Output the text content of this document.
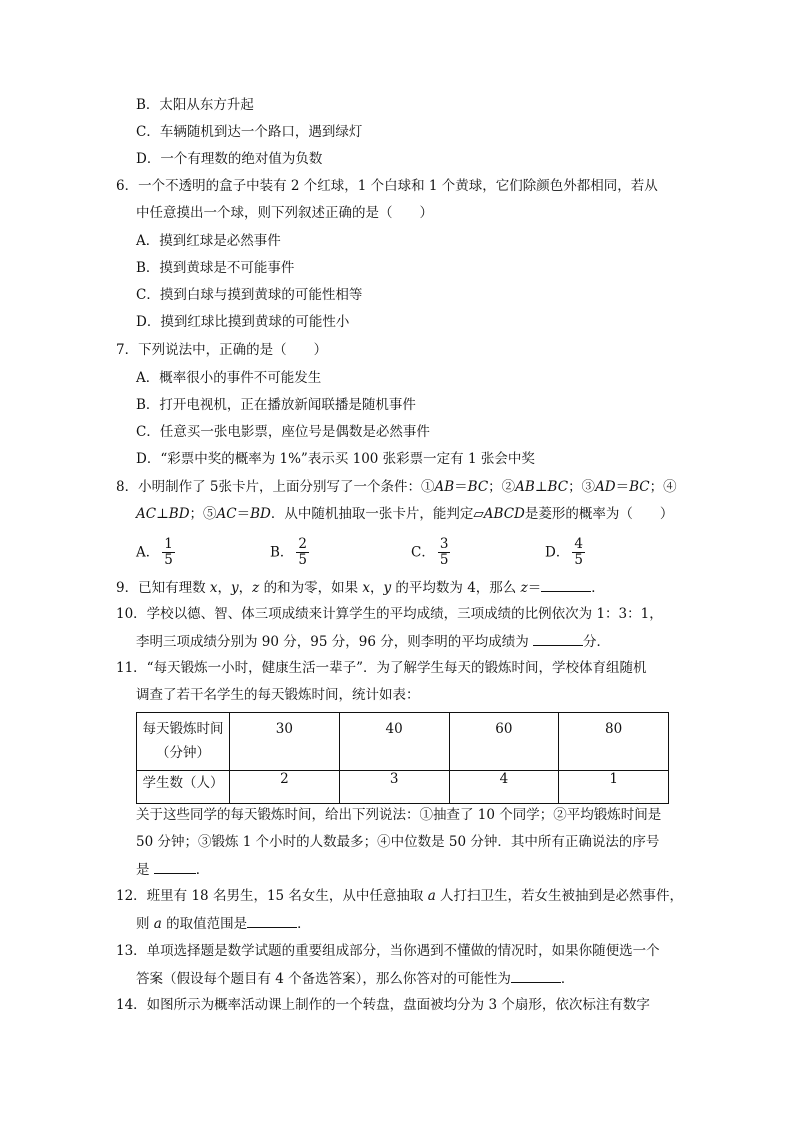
B．太阳从东方升起
C．车辆随机到达一个路口，遇到绿灯
D．一个有理数的绝对值为负数
6．一个不透明的盒子中装有 2 个红球，1 个白球和 1 个黄球，它们除颜色外都相同，若从
中任意摸出一个球，则下列叙述正确的是（　　）
A．摸到红球是必然事件
B．摸到黄球是不可能事件
C．摸到白球与摸到黄球的可能性相等
D．摸到红球比摸到黄球的可能性小
7．下列说法中，正确的是（　　）
A．概率很小的事件不可能发生
B．打开电视机，正在播放新闻联播是随机事件
C．任意买一张电影票，座位号是偶数是必然事件
D．“彩票中奖的概率为 1%”表示买 100 张彩票一定有 1 张会中奖
8．小明制作了 5张卡片，上面分别写了一个条件：①AB＝BC；②AB⊥BC；③AD＝BC；④
AC⊥BD；⑤AC＝BD．从中随机抽取一张卡片，能判定▱ABCD是菱形的概率为（　　）
A． $\frac{1}{5}$	B． $\frac{2}{5}$	C． $\frac{3}{5}$	D． $\frac{4}{5}$
9．已知有理数 x，y，z 的和为零，如果 x，y 的平均数为 4，那么 z＝	．
10．学校以德、智、体三项成绩来计算学生的平均成绩，三项成绩的比例依次为 1：3：1，
李明三项成绩分别为 90 分，95 分，96 分，则李明的平均成绩为	分．
11．“每天锻炼一小时，健康生活一辈子”．为了解学生每天的锻炼时间，学校体育组随机
调查了若干名学生的每天锻炼时间，统计如表：
每天锻炼时间
（分钟）	30	40	60	80

学生数（人）	2	3	4	1
关于这些同学的每天锻炼时间，给出下列说法：①抽查了 10 个同学；②平均锻炼时间是
50 分钟；③锻炼 1 个小时的人数最多；④中位数是 50 分钟．其中所有正确说法的序号
是	．
12．班里有 18 名男生，15 名女生，从中任意抽取 a 人打扫卫生，若女生被抽到是必然事件，
则 a 的取值范围是	．
13．单项选择题是数学试题的重要组成部分，当你遇到不懂做的情况时，如果你随便选一个
答案（假设每个题目有 4 个备选答案），那么你答对的可能性为	．
14．如图所示为概率活动课上制作的一个转盘，盘面被均分为 3 个扇形，依次标注有数字
